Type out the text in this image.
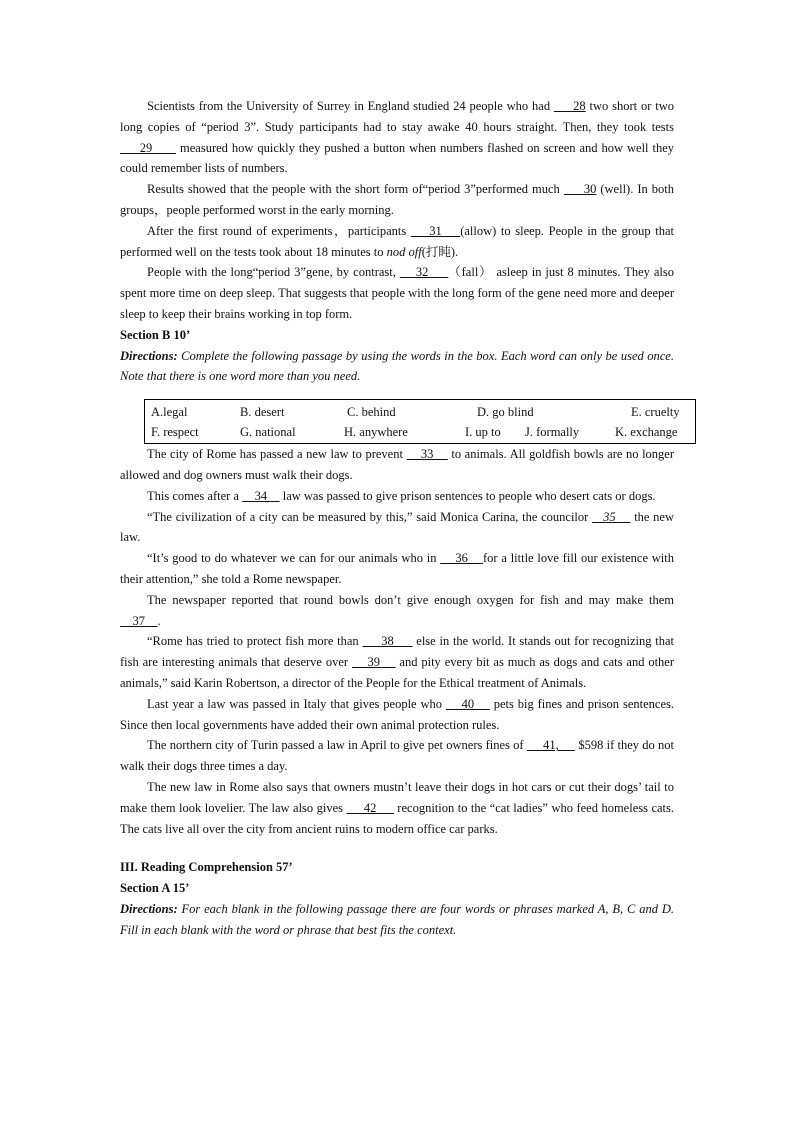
Scientists from the University of Surrey in England studied 24 people who had      28 two short or two long copies of “period 3”. Study participants had to stay awake 40 hours straight. Then, they took tests     29       measured how quickly they pushed a button when numbers flashed on screen and how well they could remember lists of numbers.

Results showed that the people with the short form of“period 3”performed much      30 (well). In both groups，people performed worst in the early morning.

After the first round of experiments，participants     31    (allow) to sleep. People in the group that performed well on the tests took about 18 minutes to nod off(打盹).

People with the long“period 3”gene, by contrast,     32     （fall） asleep in just 8 minutes. They also spent more time on deep sleep. That suggests that people with the long form of the gene need more and deeper sleep to keep their brains working in top form.

Section B 10’
Directions: Complete the following passage by using the words in the box. Each word can only be used once. Note that there is one word more than you need.
A.legal	B. desert	C. behind	D. go blind	E. cruelty
F. respect	G. national	H. anywhere	I. up to J. formally	K. exchange

The city of Rome has passed a new law to prevent     33     to animals. All goldfish bowls are no longer allowed and dog owners must walk their dogs.

This comes after a     34     law was passed to give prison sentences to people who desert cats or dogs.

“The civilization of a city can be measured by this,” said Monica Carina, the councilor    35     the new law.

“It’s good to do whatever we can for our animals who in     36    for a little love fill our existence with their attention,” she told a Rome newspaper.

The newspaper reported that round bowls don’t give enough oxygen for fish and may make them     37    .

“Rome has tried to protect fish more than      38      else in the world. It stands out for recognizing that fish are interesting animals that deserve over     39     and pity every bit as much as dogs and cats and other animals,” said Karin Robertson, a director of the People for the Ethical treatment of Animals.

Last year a law was passed in Italy that gives people who     40     pets big fines and prison sentences. Since then local governments have added their own animal protection rules.

The northern city of Turin passed a law in April to give pet owners fines of      41,      $598 if they do not walk their dogs three times a day.

The new law in Rome also says that owners mustn’t leave their dogs in hot cars or cut their dogs’ tail to make them look lovelier. The law also gives      42      recognition to the “cat ladies” who feed homeless cats. The cats live all over the city from ancient ruins to modern office car parks.

III. Reading Comprehension 57’
Section A 15’
Directions: For each blank in the following passage there are four words or phrases marked A, B, C and D. Fill in each blank with the word or phrase that best fits the context.
